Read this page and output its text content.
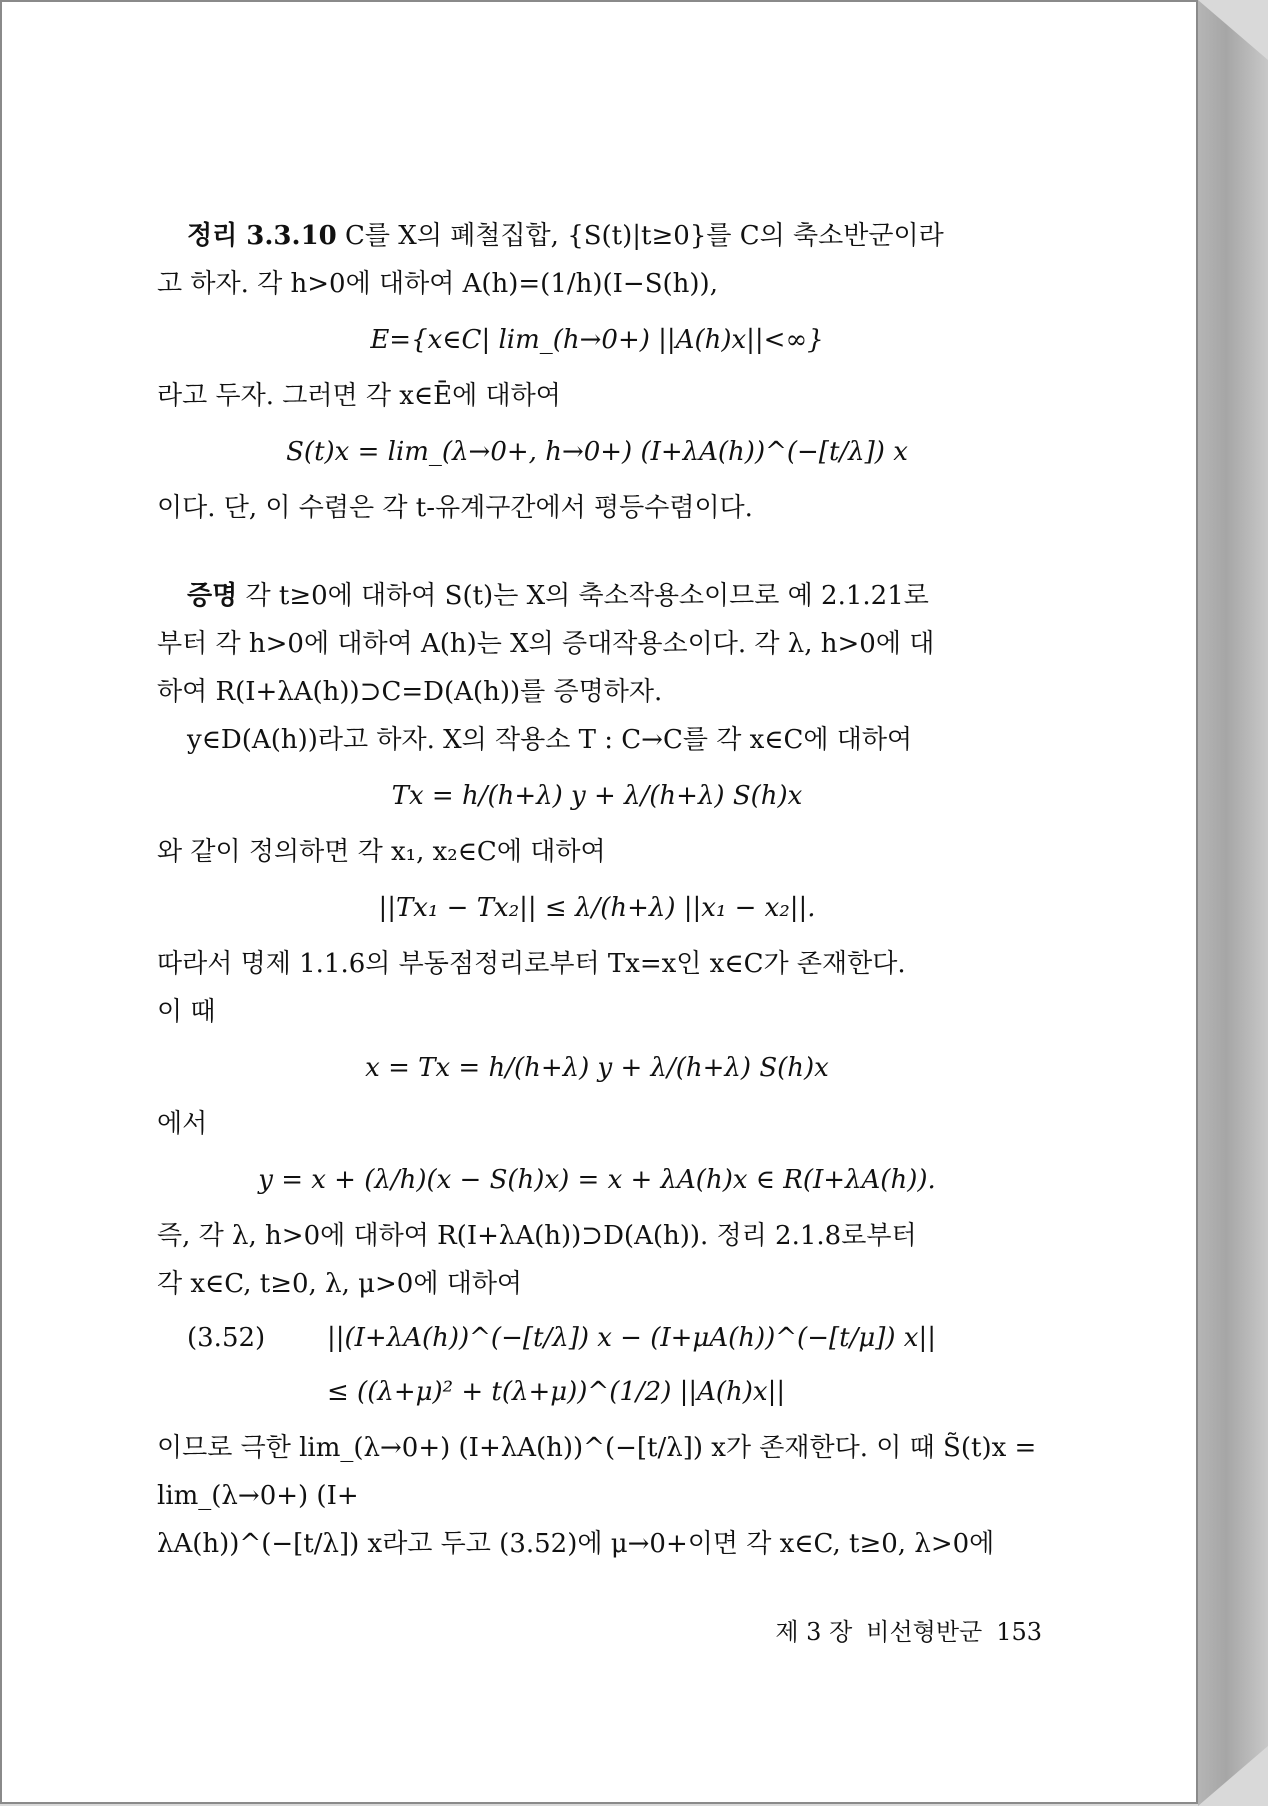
정리 3.3.10 C를 X의 폐철집합, {S(t)|t≥0}를 C의 축소반군이라

고 하자. 각 h>0에 대하여 A(h)=(1/h)(I−S(h)),

E={x∈C| lim_(h→0+) ||A(h)x||<∞}

라고 두자. 그러면 각 x∈Ē에 대하여

S(t)x = lim_(λ→0+, h→0+) (I+λA(h))^(−[t/λ]) x

이다. 단, 이 수렴은 각 t-유계구간에서 평등수렴이다.

증명 각 t≥0에 대하여 S(t)는 X의 축소작용소이므로 예 2.1.21로

부터 각 h>0에 대하여 A(h)는 X의 증대작용소이다. 각 λ, h>0에 대

하여 R(I+λA(h))⊃C=D(A(h))를 증명하자.

y∈D(A(h))라고 하자. X의 작용소 T : C→C를 각 x∈C에 대하여

Tx = h/(h+λ) y + λ/(h+λ) S(h)x

와 같이 정의하면 각 x₁, x₂∈C에 대하여

||Tx₁ − Tx₂|| ≤ λ/(h+λ) ||x₁ − x₂||.

따라서 명제 1.1.6의 부동점정리로부터 Tx=x인 x∈C가 존재한다.

이 때

x = Tx = h/(h+λ) y + λ/(h+λ) S(h)x

에서

y = x + (λ/h)(x − S(h)x) = x + λA(h)x ∈ R(I+λA(h)).

즉, 각 λ, h>0에 대하여 R(I+λA(h))⊃D(A(h)). 정리 2.1.8로부터

각 x∈C, t≥0, λ, μ>0에 대하여

(3.52) ||(I+λA(h))^(−[t/λ]) x − (I+μA(h))^(−[t/μ]) x||

≤ ((λ+μ)² + t(λ+μ))^(1/2) ||A(h)x||

이므로 극한 lim_(λ→0+) (I+λA(h))^(−[t/λ]) x가 존재한다. 이 때 S̃(t)x = lim_(λ→0+) (I+

λA(h))^(−[t/λ]) x라고 두고 (3.52)에 μ→0+이면 각 x∈C, t≥0, λ>0에

제 3 장 비선형반군 153
